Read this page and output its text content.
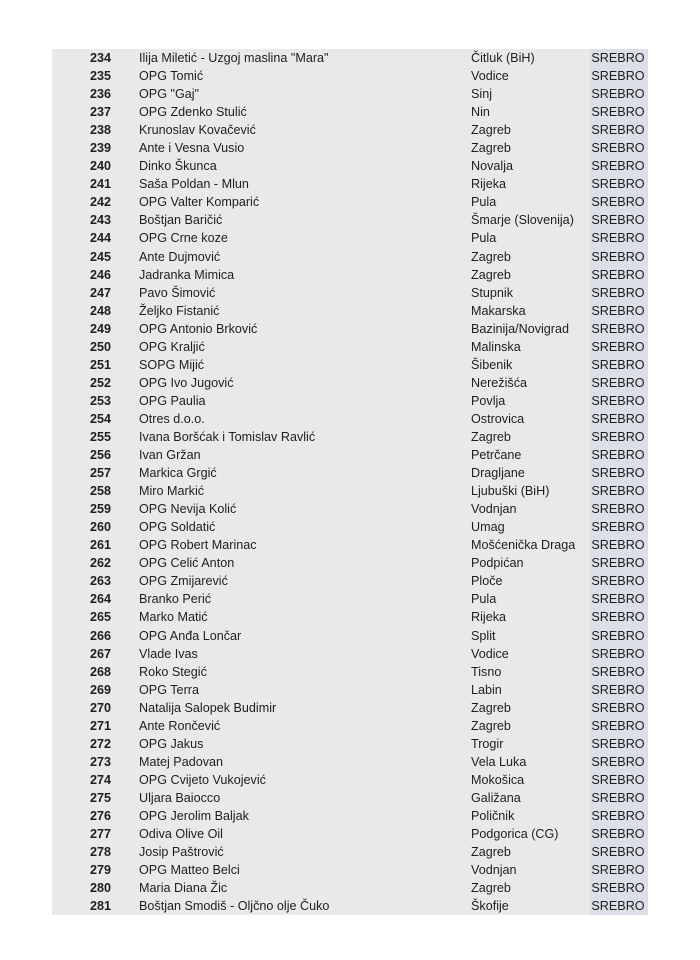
234	Ilija Miletić - Uzgoj maslina "Mara"	Čitluk (BiH)	SREBRO
235	OPG Tomić	Vodice	SREBRO
236	OPG "Gaj"	Sinj	SREBRO
237	OPG Zdenko Stulić	Nin	SREBRO
238	Krunoslav Kovačević	Zagreb	SREBRO
239	Ante i Vesna Vusio	Zagreb	SREBRO
240	Dinko Škunca	Novalja	SREBRO
241	Saša Poldan - Mlun	Rijeka	SREBRO
242	OPG Valter Komparić	Pula	SREBRO
243	Boštjan Baričić	Šmarje (Slovenija)	SREBRO
244	OPG Crne koze	Pula	SREBRO
245	Ante Dujmović	Zagreb	SREBRO
246	Jadranka Mimica	Zagreb	SREBRO
247	Pavo Šimović	Stupnik	SREBRO
248	Željko Fistanić	Makarska	SREBRO
249	OPG Antonio Brković	Bazinija/Novigrad	SREBRO
250	OPG Kraljić	Malinska	SREBRO
251	SOPG Mijić	Šibenik	SREBRO
252	OPG Ivo Jugović	Nerežišća	SREBRO
253	OPG Paulia	Povlja	SREBRO
254	Otres d.o.o.	Ostrovica	SREBRO
255	Ivana Boršćak i Tomislav Ravlić	Zagreb	SREBRO
256	Ivan Gržan	Petrčane	SREBRO
257	Markica Grgić	Dragljane	SREBRO
258	Miro Markić	Ljubuški (BiH)	SREBRO
259	OPG Nevija Kolić	Vodnjan	SREBRO
260	OPG Soldatić	Umag	SREBRO
261	OPG Robert Marinac	Mošćenička Draga	SREBRO
262	OPG Celić Anton	Podpićan	SREBRO
263	OPG Zmijarević	Ploče	SREBRO
264	Branko Perić	Pula	SREBRO
265	Marko Matić	Rijeka	SREBRO
266	OPG Anđa Lončar	Split	SREBRO
267	Vlade Ivas	Vodice	SREBRO
268	Roko Stegić	Tisno	SREBRO
269	OPG Terra	Labin	SREBRO
270	Natalija Salopek Budimir	Zagreb	SREBRO
271	Ante Rončević	Zagreb	SREBRO
272	OPG Jakus	Trogir	SREBRO
273	Matej Padovan	Vela Luka	SREBRO
274	OPG Cvijeto Vukojević	Mokošica	SREBRO
275	Uljara Baiocco	Galižana	SREBRO
276	OPG Jerolim Baljak	Poličnik	SREBRO
277	Odiva Olive Oil	Podgorica (CG)	SREBRO
278	Josip Paštrović	Zagreb	SREBRO
279	OPG Matteo Belci	Vodnjan	SREBRO
280	Maria Diana Žic	Zagreb	SREBRO
281	Boštjan Smodiš - Oljčno olje Čuko	Škofije	SREBRO
